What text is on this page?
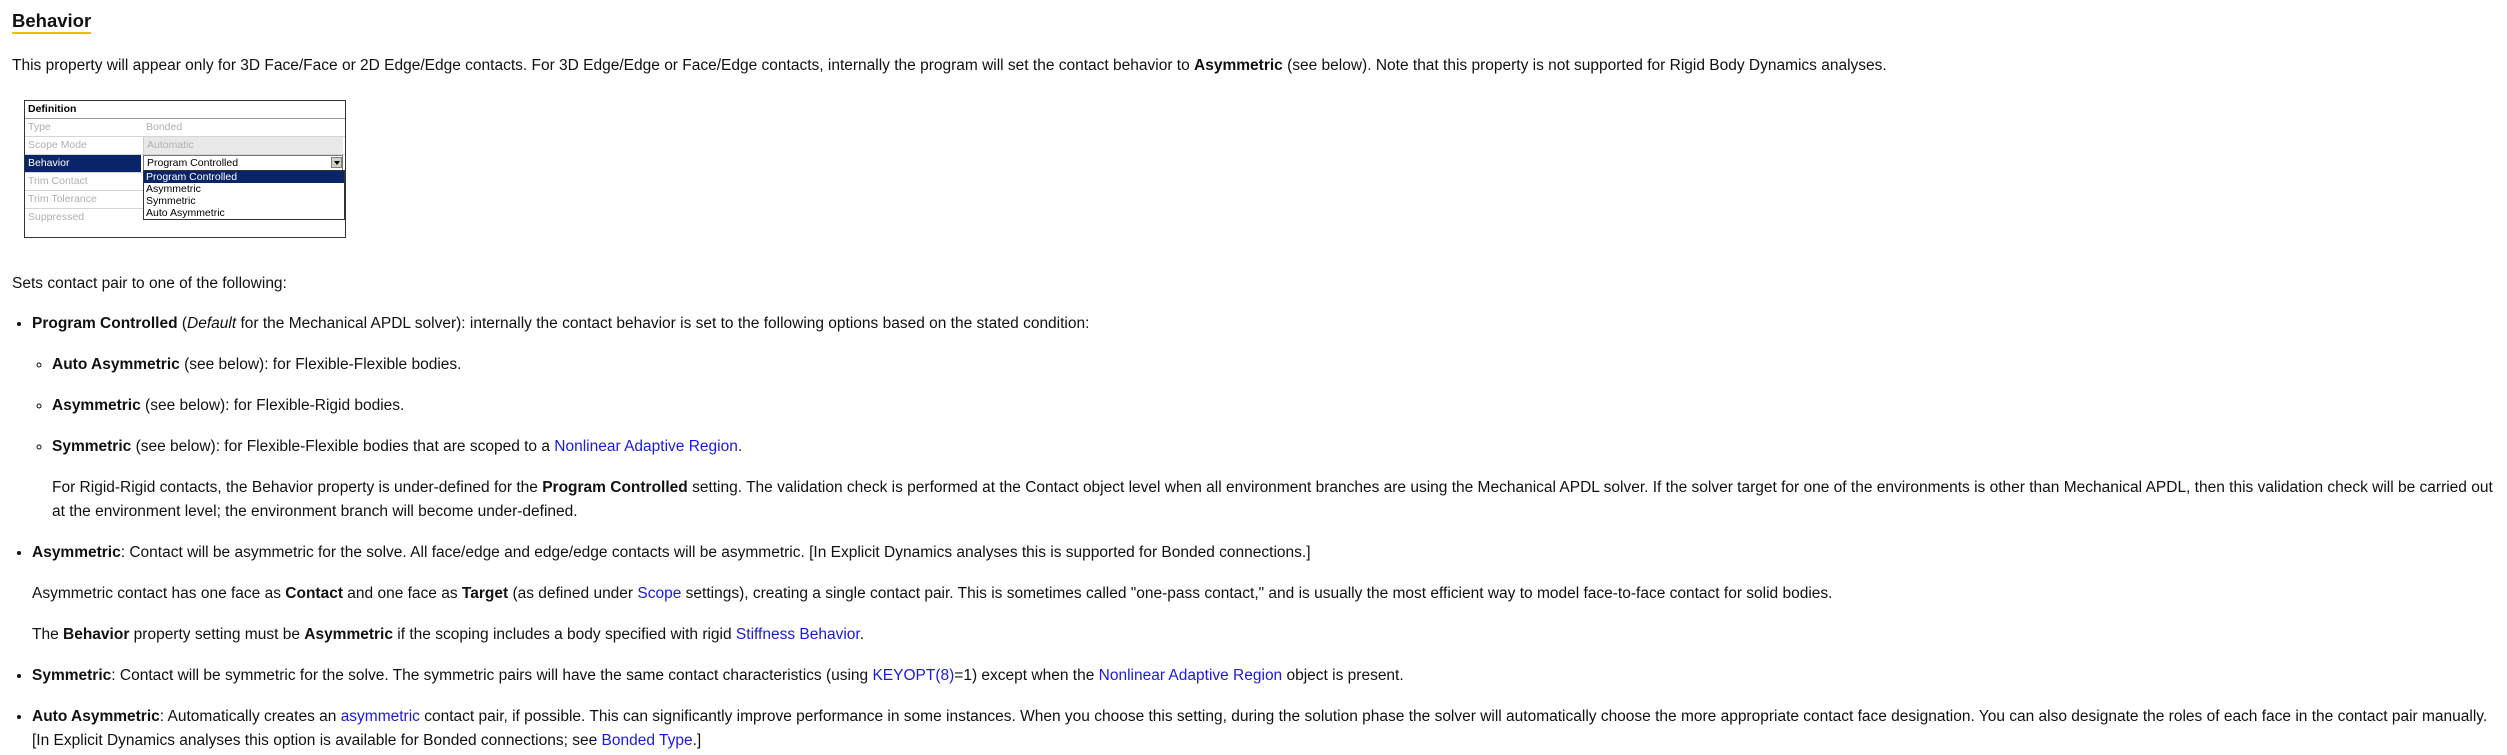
Behavior

This property will appear only for 3D Face/Face or 2D Edge/Edge contacts. For 3D Edge/Edge or Face/Edge contacts, internally the program will set the contact behavior to Asymmetric (see below). Note that this property is not supported for Rigid Body Dynamics analyses.

Definition
Type	Bonded
Scope Mode	Automatic
Behavior	Program Controlled
Trim Contact
Trim Tolerance
Suppressed
Program Controlled
Asymmetric
Symmetric
Auto Asymmetric

Sets contact pair to one of the following:

• Program Controlled (Default for the Mechanical APDL solver): internally the contact behavior is set to the following options based on the stated condition:
◦ Auto Asymmetric (see below): for Flexible-Flexible bodies.
◦ Asymmetric (see below): for Flexible-Rigid bodies.
◦ Symmetric (see below): for Flexible-Flexible bodies that are scoped to a Nonlinear Adaptive Region.

For Rigid-Rigid contacts, the Behavior property is under-defined for the Program Controlled setting. The validation check is performed at the Contact object level when all environment branches are using the Mechanical APDL solver. If the solver target for one of the environments is other than Mechanical APDL, then this validation check will be carried out at the environment level; the environment branch will become under-defined.

• Asymmetric: Contact will be asymmetric for the solve. All face/edge and edge/edge contacts will be asymmetric. [In Explicit Dynamics analyses this is supported for Bonded connections.]

Asymmetric contact has one face as Contact and one face as Target (as defined under Scope settings), creating a single contact pair. This is sometimes called "one-pass contact," and is usually the most efficient way to model face-to-face contact for solid bodies.

The Behavior property setting must be Asymmetric if the scoping includes a body specified with rigid Stiffness Behavior.

• Symmetric: Contact will be symmetric for the solve. The symmetric pairs will have the same contact characteristics (using KEYOPT(8)=1) except when the Nonlinear Adaptive Region object is present.
• Auto Asymmetric: Automatically creates an asymmetric contact pair, if possible. This can significantly improve performance in some instances. When you choose this setting, during the solution phase the solver will automatically choose the more appropriate contact face designation. You can also designate the roles of each face in the contact pair manually. [In Explicit Dynamics analyses this option is available for Bonded connections; see Bonded Type.]
